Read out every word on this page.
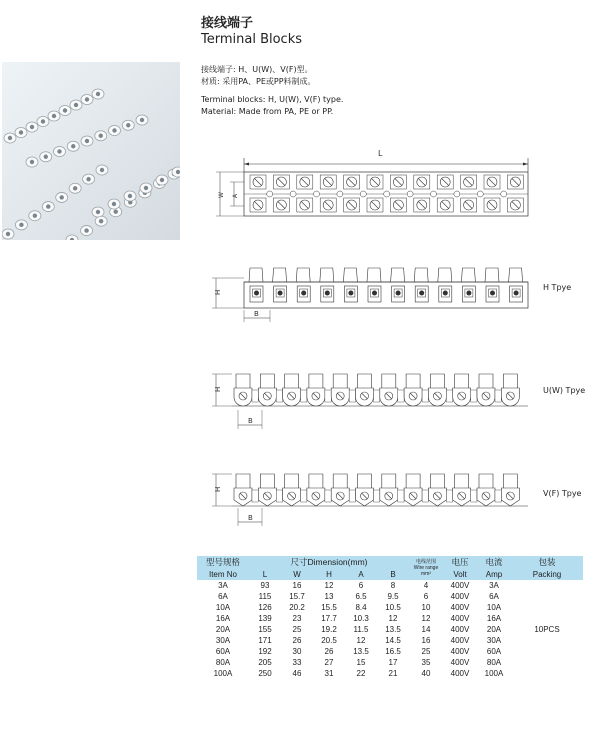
接线端子
Terminal Blocks
接线端子: H、U(W)、V(F)型。
材质: 采用PA、PE或PP料制成。
Terminal blocks: H, U(W), V(F) type.
Material: Made from PA, PE or PP.
L
W A
H
B
H Tpye
H
B
U(W) Tpye
H
B
V(F) Tpye
型号规格	尺寸Dimension(mm)					电线范围
Wire range
mm²	电压	电流	包装

Item No	L	W	H	A	B		Volt	Amp	Packing
3A	93	16	12	6	8	4	400V	3A	10PCS
6A	115	15.7	13	6.5	9.5	6	400V	6A	
10A	126	20.2	15.5	8.4	10.5	10	400V	10A	
16A	139	23	17.7	10.3	12	12	400V	16A	
20A	155	25	19.2	11.5	13.5	14	400V	20A	
30A	171	26	20.5	12	14.5	16	400V	30A	
60A	192	30	26	13.5	16.5	25	400V	60A	
80A	205	33	27	15	17	35	400V	80A	
100A	250	46	31	22	21	40	400V	100A	
